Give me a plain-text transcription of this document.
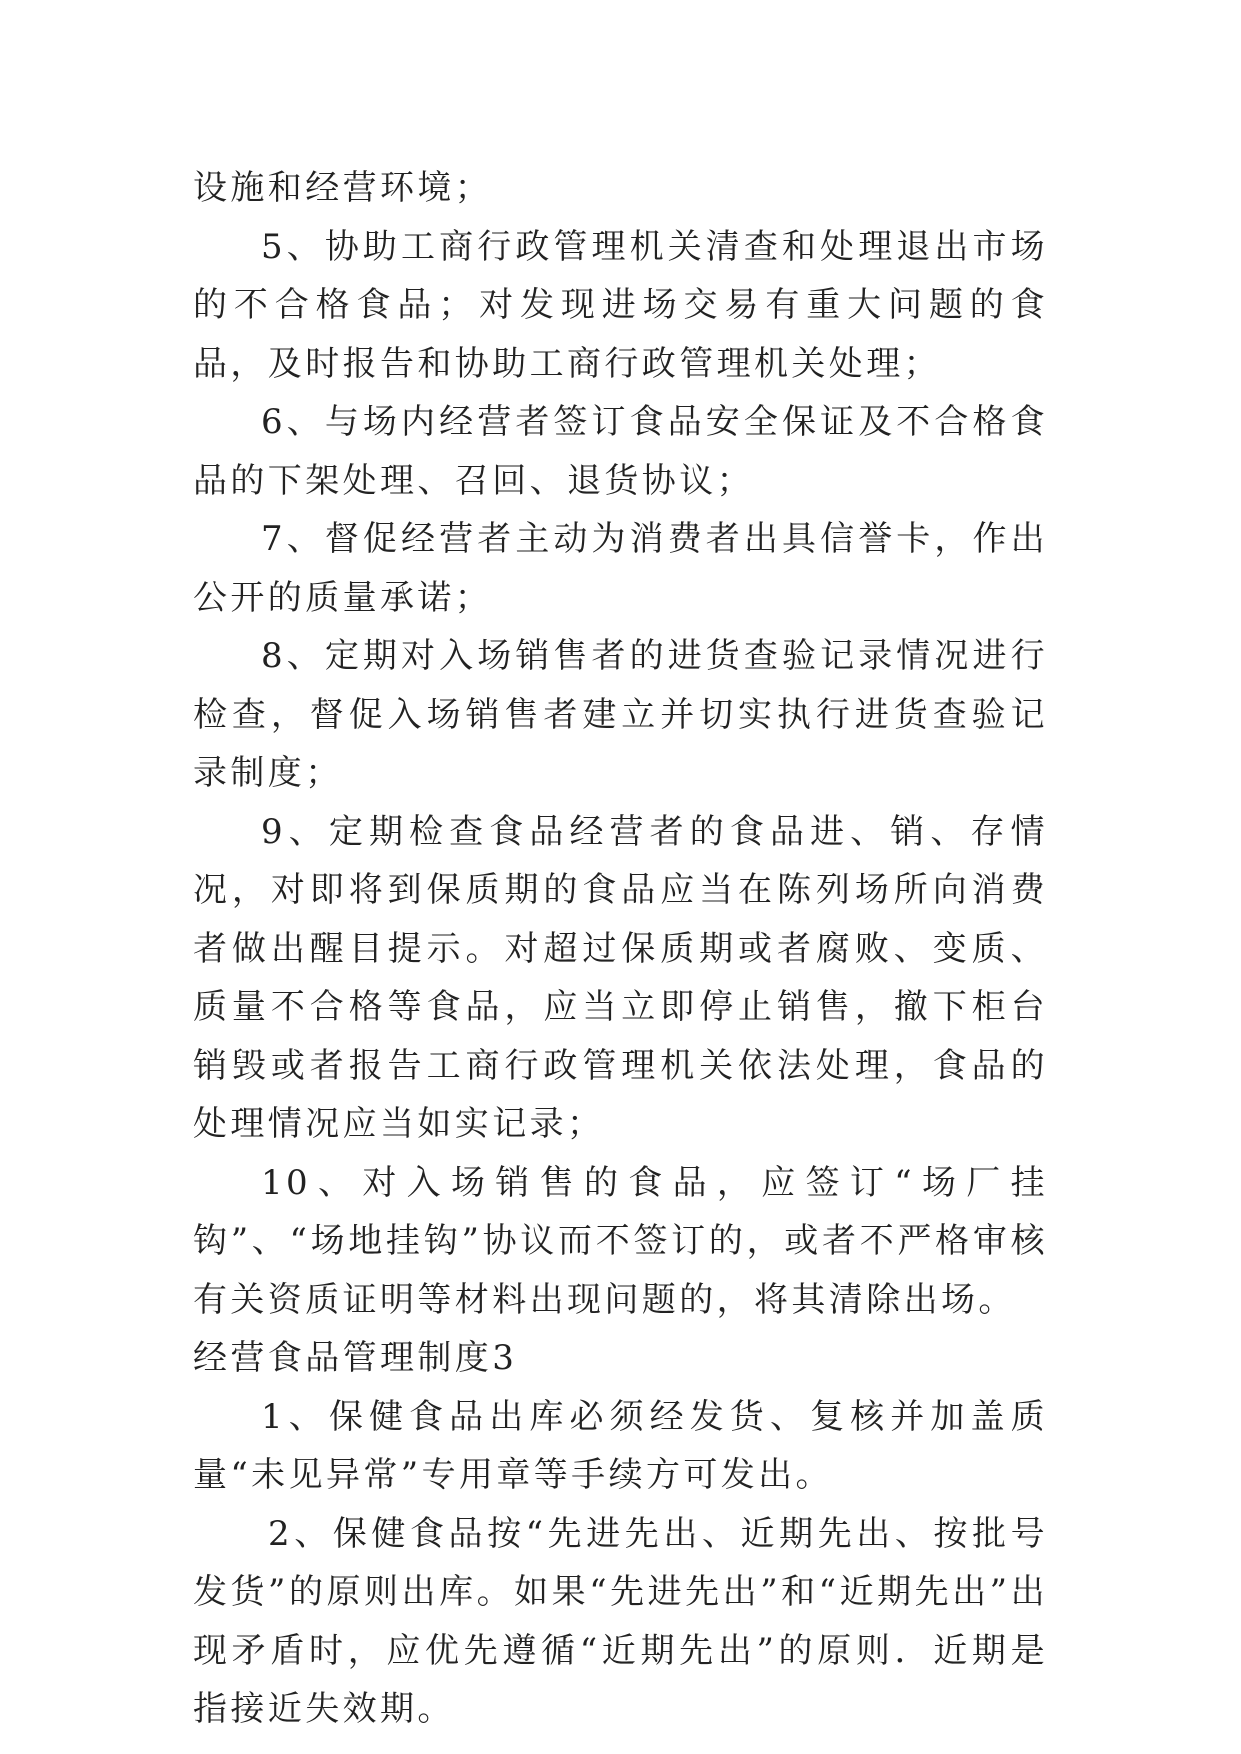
设施和经营环境；

5、协助工商行政管理机关清查和处理退出市场的不合格食品；对发现进场交易有重大问题的食品，及时报告和协助工商行政管理机关处理；

6、与场内经营者签订食品安全保证及不合格食品的下架处理、召回、退货协议；

7、督促经营者主动为消费者出具信誉卡，作出公开的质量承诺；

8、定期对入场销售者的进货查验记录情况进行检查，督促入场销售者建立并切实执行进货查验记录制度；

9、定期检查食品经营者的食品进、销、存情况，对即将到保质期的食品应当在陈列场所向消费者做出醒目提示。对超过保质期或者腐败、变质、质量不合格等食品，应当立即停止销售，撤下柜台销毁或者报告工商行政管理机关依法处理，食品的处理情况应当如实记录；

10、对入场销售的食品，应签订“场厂挂钩”、“场地挂钩”协议而不签订的，或者不严格审核有关资质证明等材料出现问题的，将其清除出场。

经营食品管理制度3

1、保健食品出库必须经发货、复核并加盖质量“未见异常”专用章等手续方可发出。

2、保健食品按“先进先出、近期先出、按批号发货”的原则出库。如果“先进先出”和“近期先出”出现矛盾时，应优先遵循“近期先出”的原则．近期是指接近失效期。
